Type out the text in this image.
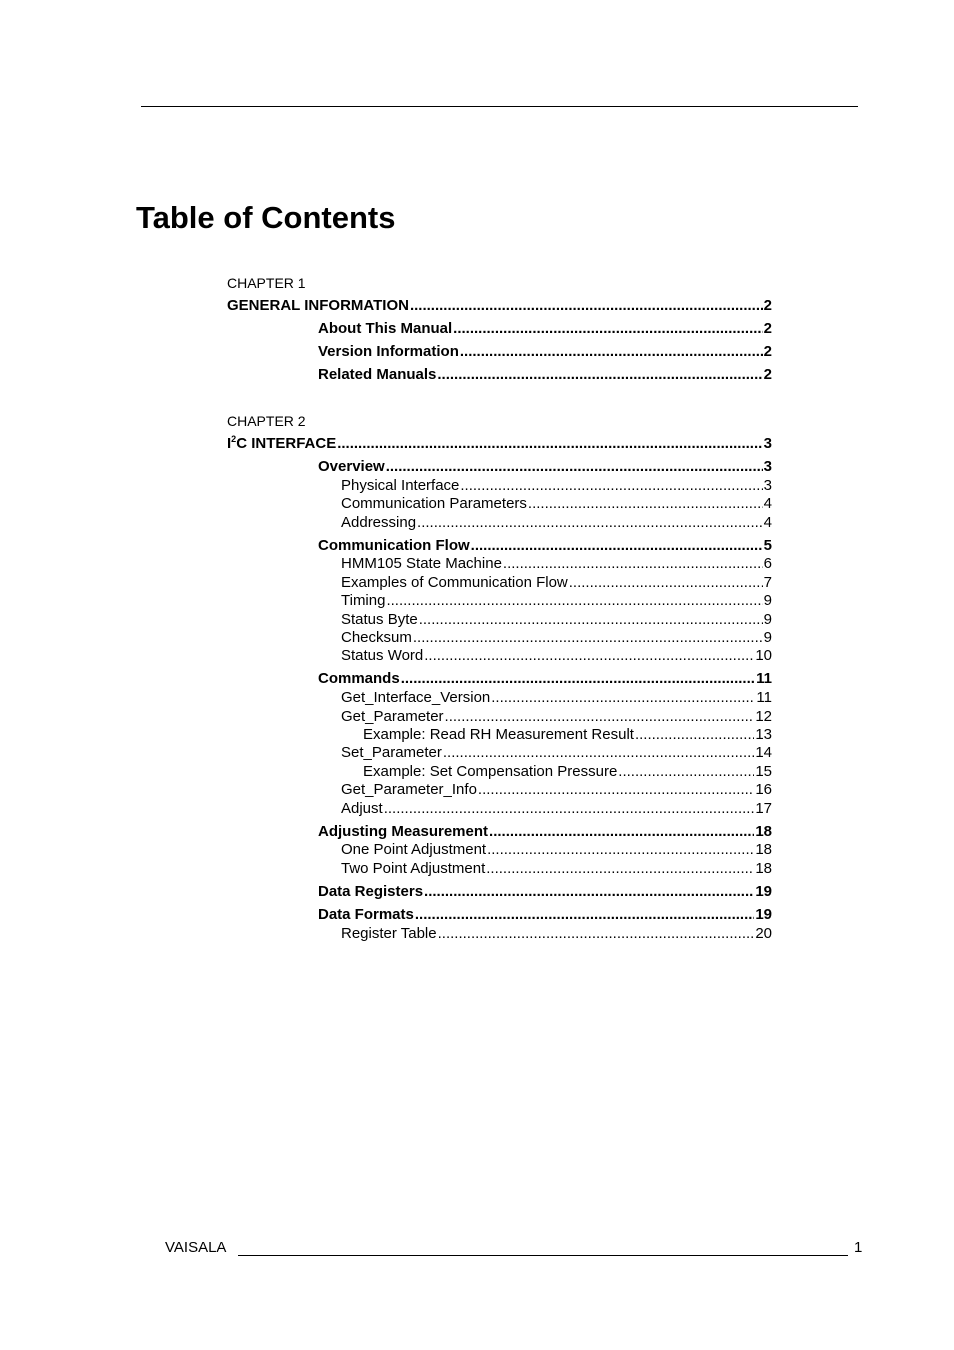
Table of Contents
CHAPTER 1
GENERAL INFORMATION .....	2
About This Manual .....	2
Version Information .....	2
Related Manuals .....	2
CHAPTER 2
$I^2C$ INTERFACE .....	3
Overview .....	3
Physical Interface .....	3
Communication Parameters .....	4
Addressing .....	4
Communication Flow .....	5
HMM105 State Machine .....	6
Examples of Communication Flow .....	7
Timing .....	9
Status Byte .....	9
Checksum .....	9
Status Word .....	10
Commands .....	11
Get_Interface_Version .....	11
Get_Parameter .....	12
Example: Read RH Measurement Result .....	13
Set_Parameter .....	14
Example: Set Compensation Pressure .....	15
Get_Parameter_Info .....	16
Adjust .....	17
Adjusting Measurement .....	18
One Point Adjustment .....	18
Two Point Adjustment .....	18
Data Registers .....	19
Data Formats .....	19
Register Table .....	20
VAISALA	1
